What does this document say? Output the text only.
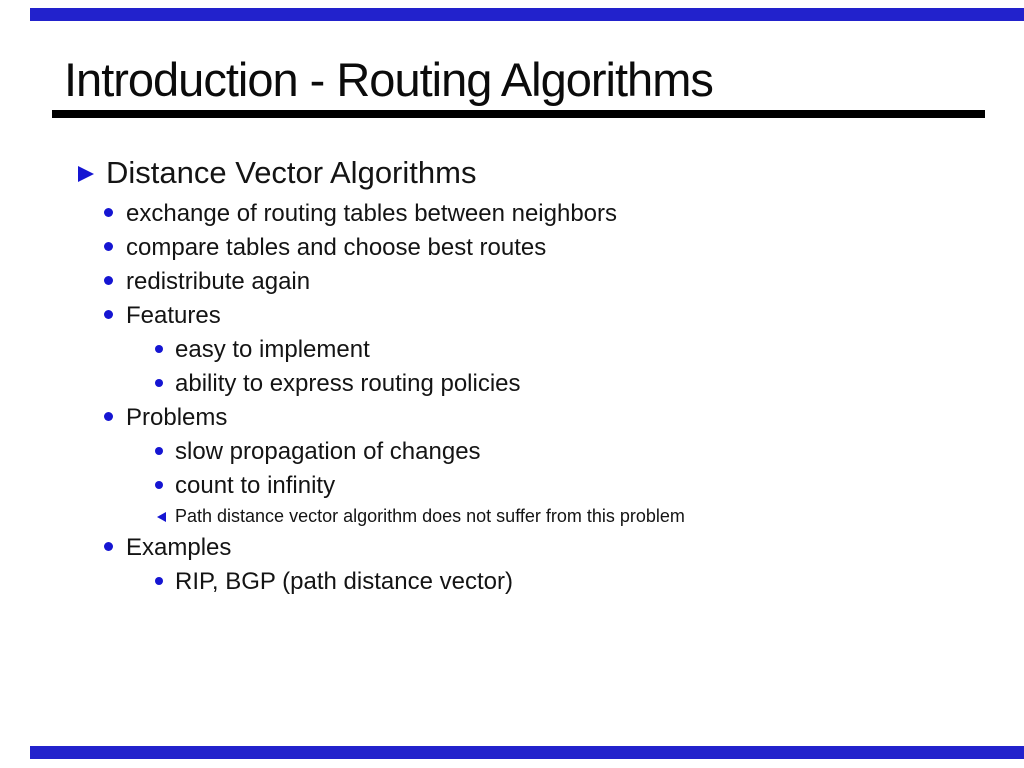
Introduction - Routing Algorithms
Distance Vector Algorithms
exchange of routing tables between neighbors
compare tables and choose best routes
redistribute again
Features
easy to implement
ability to express routing policies
Problems
slow propagation of changes
count to infinity
Path distance vector algorithm does not suffer from this problem
Examples
RIP, BGP (path distance vector)
